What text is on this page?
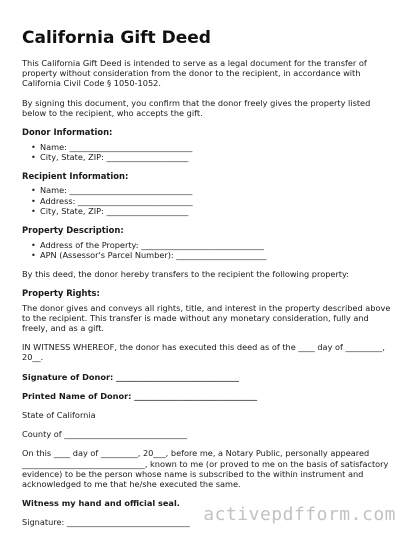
California Gift Deed

This California Gift Deed is intended to serve as a legal document for the transfer of property without consideration from the donor to the recipient, in accordance with California Civil Code § 1050-1052.

By signing this document, you confirm that the donor freely gives the property listed below to the recipient, who accepts the gift.

Donor Information:
• Name: ______________________________
• City, State, ZIP: ____________________
Recipient Information:
• Name: ______________________________
• Address: ____________________________
• City, State, ZIP: ____________________
Property Description:
• Address of the Property: ______________________________
• APN (Assessor's Parcel Number): ______________________

By this deed, the donor hereby transfers to the recipient the following property:

Property Rights:

The donor gives and conveys all rights, title, and interest in the property described above to the recipient. This transfer is made without any monetary consideration, fully and freely, and as a gift.

IN WITNESS WHEREOF, the donor has executed this deed as of the ____ day of _________, 20__.

Signature of Donor: ______________________________

Printed Name of Donor: ______________________________

State of California

County of ______________________________

On this ____ day of _________, 20___, before me, a Notary Public, personally appeared ______________________________, known to me (or proved to me on the basis of satisfactory evidence) to be the person whose name is subscribed to the within instrument and acknowledged to me that he/she executed the same.

Witness my hand and official seal.

Signature: ______________________________ activepdfform.com
